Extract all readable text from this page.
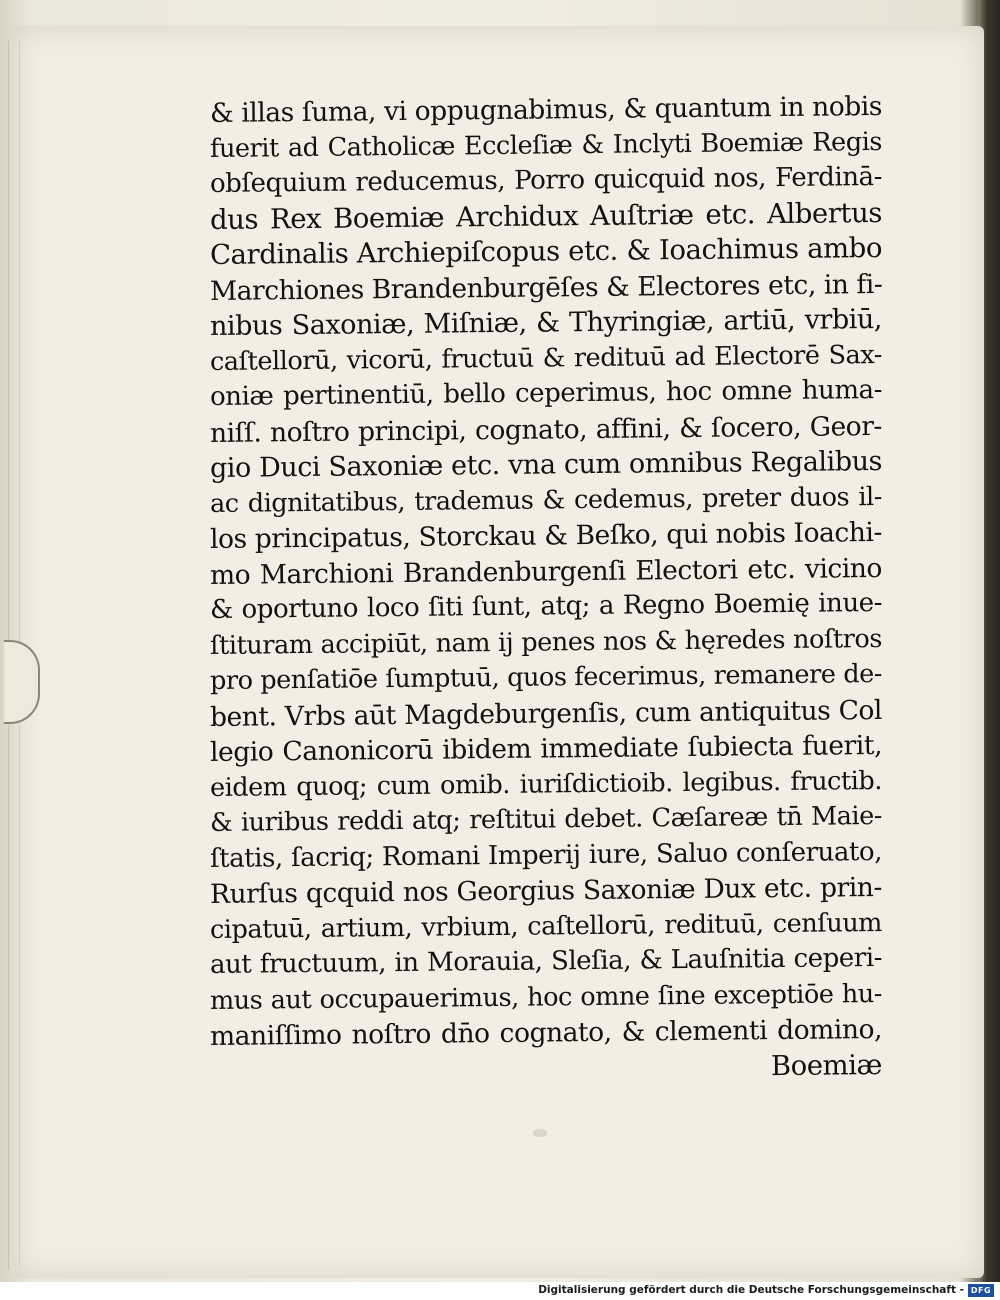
& illas ſuma, vi oppugnabimus, & quantum in nobis
fuerit ad Catholicæ Eccleſiæ & Inclyti Boemiæ Regis
obſequium reducemus, Porro quicquid nos, Ferdinā-
dus Rex Boemiæ Archidux Auſtriæ etc. Albertus
Cardinalis Archiepiſcopus etc. & Ioachimus ambo
Marchiones Brandenburgēſes & Electores etc, in fi-
nibus Saxoniæ, Miſniæ, & Thyringiæ, artiū, vrbiū,
caſtellorū, vicorū, fructuū & redituū ad Electorē Sax-
oniæ pertinentiū, bello ceperimus, hoc omne huma-
niſſ. noſtro principi, cognato, affini, & ſocero, Geor-
gio Duci Saxoniæ etc. vna cum omnibus Regalibus
ac dignitatibus, trademus & cedemus, preter duos il-
los principatus, Storckau & Beſko, qui nobis Ioachi-
mo Marchioni Brandenburgenſi Electori etc. vicino
& oportuno loco ſiti ſunt, atq; a Regno Boemię inue-
ſtituram accipiūt, nam ij penes nos & hęredes noſtros
pro penſatiōe ſumptuū, quos fecerimus, remanere de-
bent. Vrbs aūt Magdeburgenſis, cum antiquitus Col
legio Canonicorū ibidem immediate ſubiecta fuerit,
eidem quoq; cum omib. iuriſdictioib. legibus. fructib.
& iuribus reddi atq; reſtitui debet. Cæſareæ tn̄ Maie-
ſtatis, ſacriq; Romani Imperij iure, Saluo conſeruato,
Rurſus qcquid nos Georgius Saxoniæ Dux etc. prin-
cipatuū, artium, vrbium, caſtellorū, redituū, cenſuum
aut fructuum, in Morauia, Sleſia, & Lauſnitia ceperi-
mus aut occupauerimus, hoc omne ſine exceptiōe hu-
maniſſimo noſtro dn̄o cognato, & clementi domino,
Boemiæ
Digitalisierung gefördert durch die Deutsche Forschungsgemeinschaft - DFG
